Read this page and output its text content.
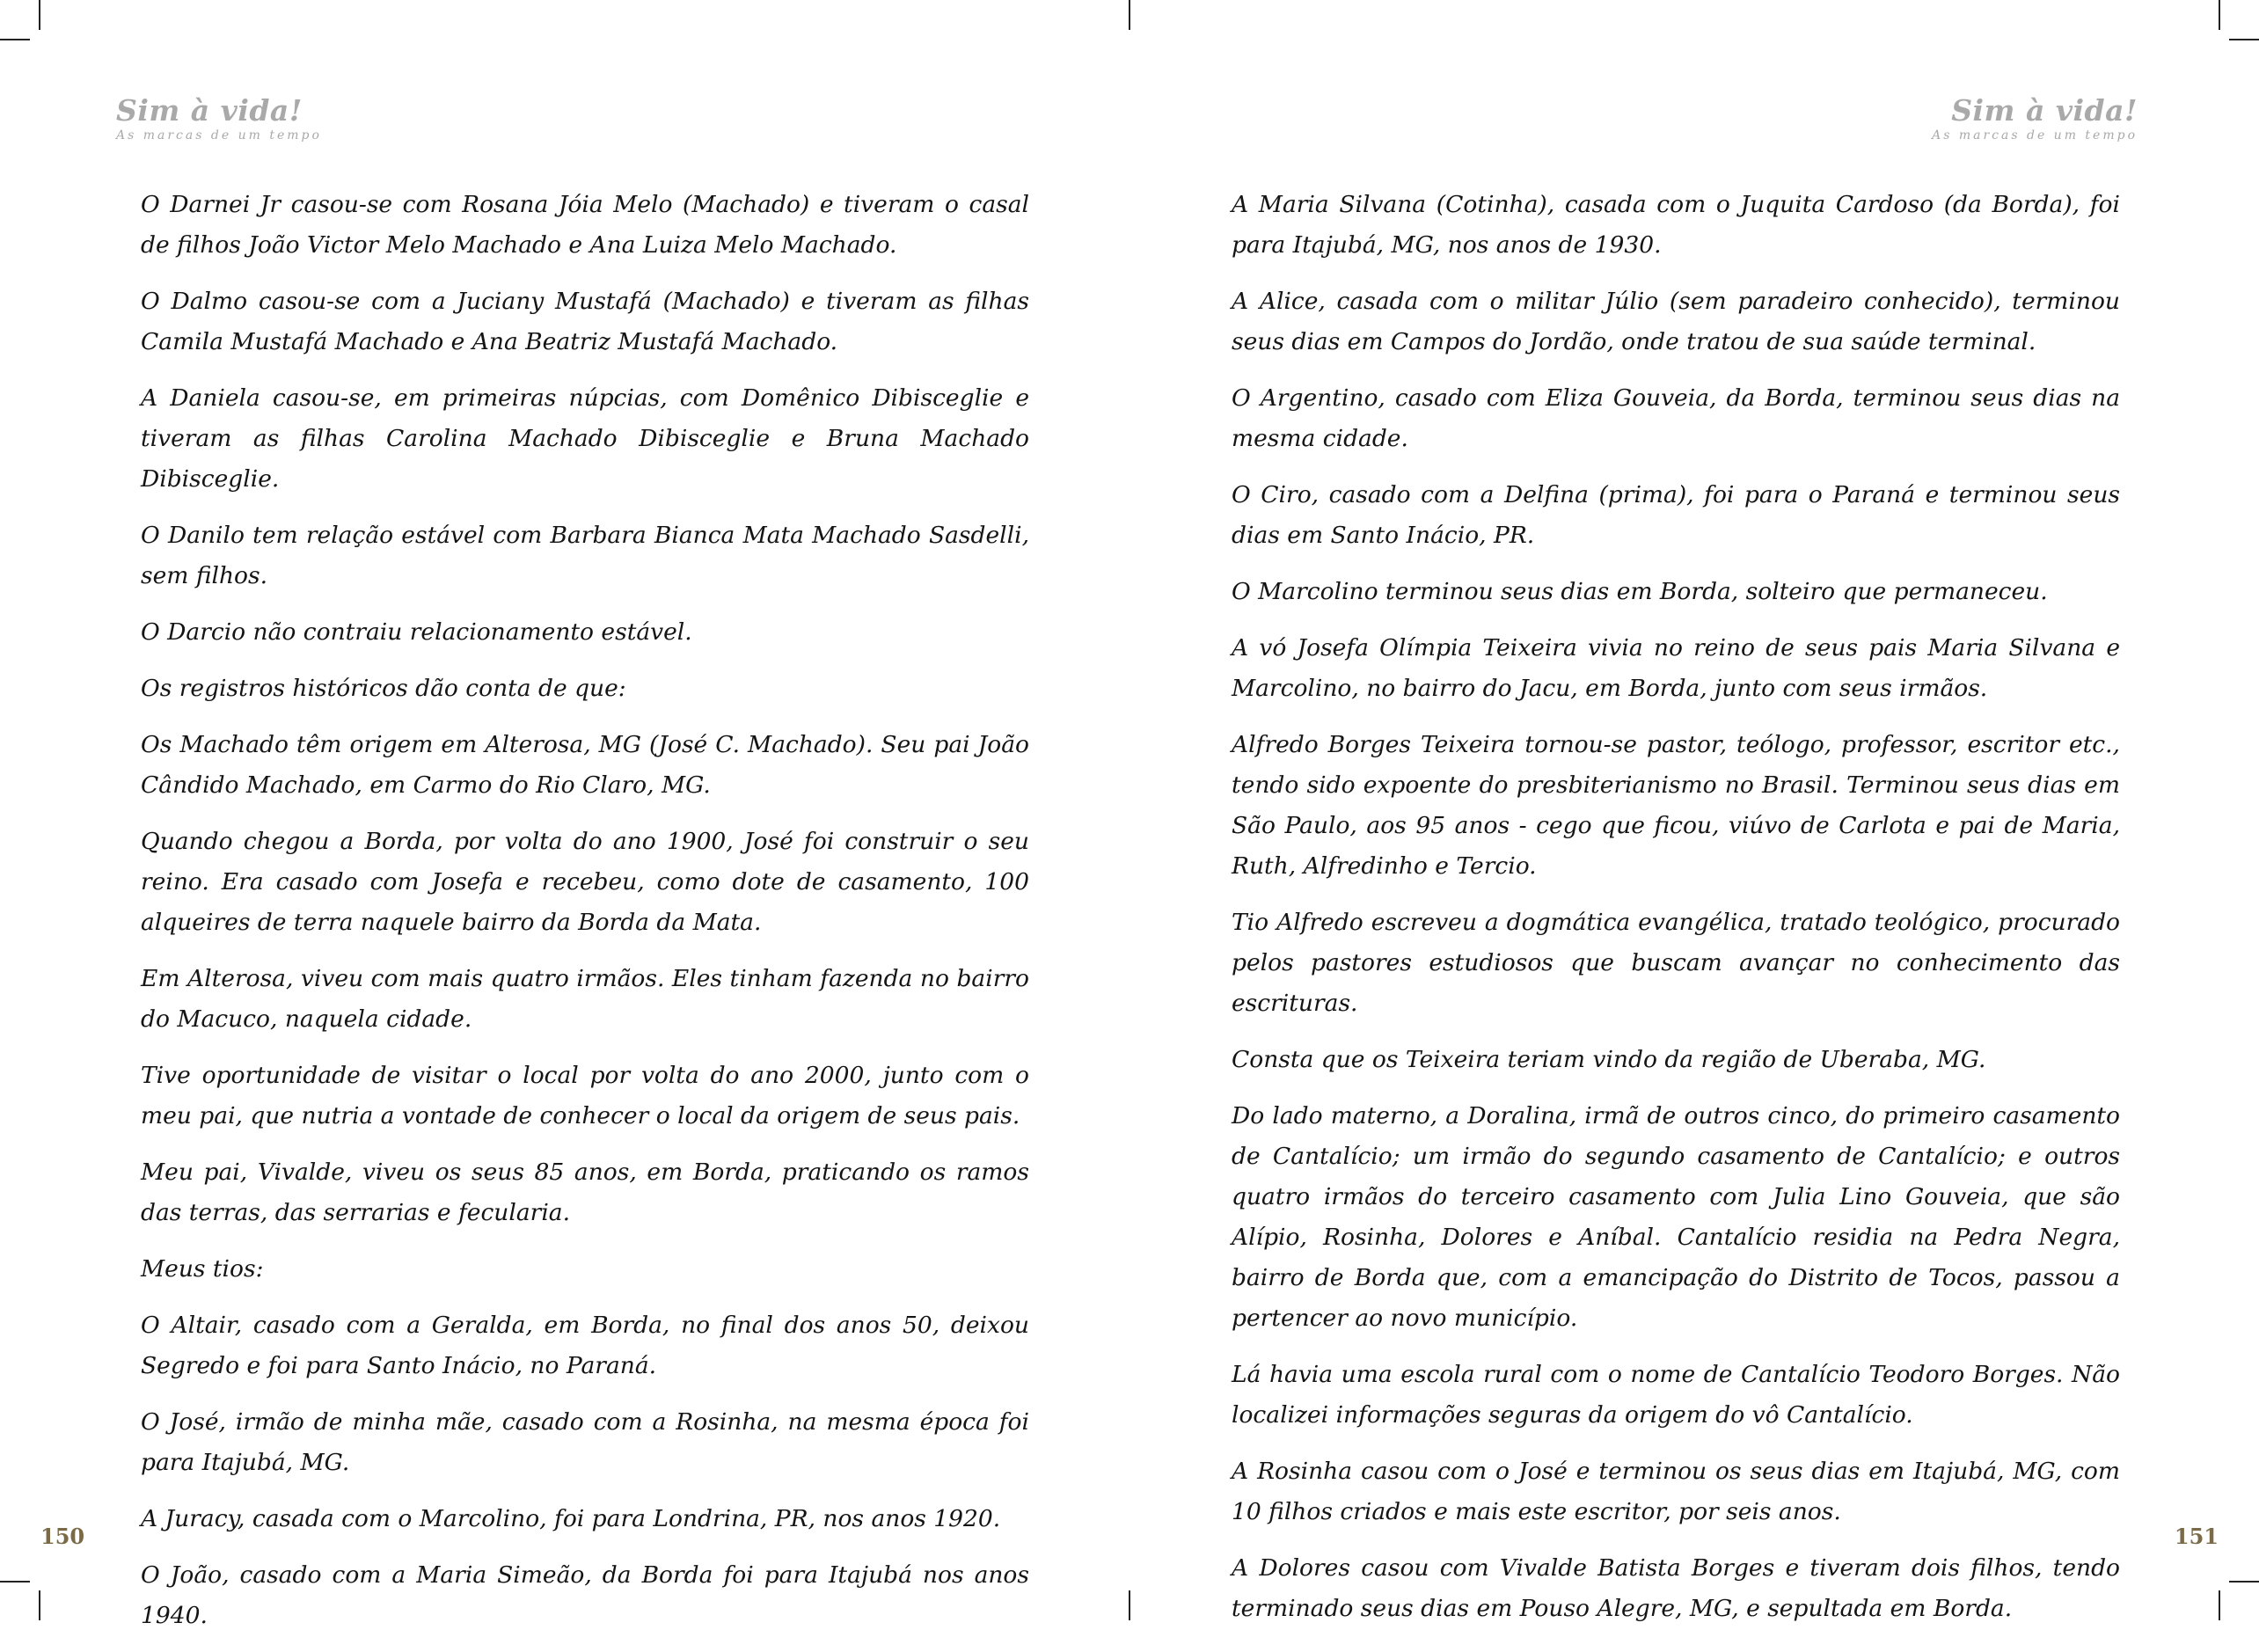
Sim à vida!
As marcas de um tempo

O Darnei Jr casou-se com Rosana Jóia Melo (Machado) e tiveram o casal de filhos João Victor Melo Machado e Ana Luiza Melo Machado.

O Dalmo casou-se com a Juciany Mustafá (Machado) e tiveram as filhas Camila Mustafá Machado e Ana Beatriz Mustafá Machado.

A Daniela casou-se, em primeiras núpcias, com Domênico Dibisceglie e tiveram as filhas Carolina Machado Dibisceglie e Bruna Machado Dibisceglie.

O Danilo tem relação estável com Barbara Bianca Mata Machado Sasdelli, sem filhos.

O Darcio não contraiu relacionamento estável.

Os registros históricos dão conta de que:

Os Machado têm origem em Alterosa, MG (José C. Machado). Seu pai João Cândido Machado, em Carmo do Rio Claro, MG.

Quando chegou a Borda, por volta do ano 1900, José foi construir o seu reino. Era casado com Josefa e recebeu, como dote de casamento, 100 alqueires de terra naquele bairro da Borda da Mata.

Em Alterosa, viveu com mais quatro irmãos. Eles tinham fazenda no bairro do Macuco, naquela cidade.

Tive oportunidade de visitar o local por volta do ano 2000, junto com o meu pai, que nutria a vontade de conhecer o local da origem de seus pais.

Meu pai, Vivalde, viveu os seus 85 anos, em Borda, praticando os ramos das terras, das serrarias e fecularia.

Meus tios:

O Altair, casado com a Geralda, em Borda, no final dos anos 50, deixou Segredo e foi para Santo Inácio, no Paraná.

O José, irmão de minha mãe, casado com a Rosinha, na mesma época foi para Itajubá, MG.

A Juracy, casada com o Marcolino, foi para Londrina, PR, nos anos 1920.

O João, casado com a Maria Simeão, da Borda foi para Itajubá nos anos 1940.

150
Sim à vida!
As marcas de um tempo

A Maria Silvana (Cotinha), casada com o Juquita Cardoso (da Borda), foi para Itajubá, MG, nos anos de 1930.

A Alice, casada com o militar Júlio (sem paradeiro conhecido), terminou seus dias em Campos do Jordão, onde tratou de sua saúde terminal.

O Argentino, casado com Eliza Gouveia, da Borda, terminou seus dias na mesma cidade.

O Ciro, casado com a Delfina (prima), foi para o Paraná e terminou seus dias em Santo Inácio, PR.

O Marcolino terminou seus dias em Borda, solteiro que permaneceu.

A vó Josefa Olímpia Teixeira vivia no reino de seus pais Maria Silvana e Marcolino, no bairro do Jacu, em Borda, junto com seus irmãos.

Alfredo Borges Teixeira tornou-se pastor, teólogo, professor, escritor etc., tendo sido expoente do presbiterianismo no Brasil. Terminou seus dias em São Paulo, aos 95 anos - cego que ficou, viúvo de Carlota e pai de Maria, Ruth, Alfredinho e Tercio.

Tio Alfredo escreveu a dogmática evangélica, tratado teológico, procurado pelos pastores estudiosos que buscam avançar no conhecimento das escrituras.

Consta que os Teixeira teriam vindo da região de Uberaba, MG.

Do lado materno, a Doralina, irmã de outros cinco, do primeiro casamento de Cantalício; um irmão do segundo casamento de Cantalício; e outros quatro irmãos do terceiro casamento com Julia Lino Gouveia, que são Alípio, Rosinha, Dolores e Aníbal. Cantalício residia na Pedra Negra, bairro de Borda que, com a emancipação do Distrito de Tocos, passou a pertencer ao novo município.

Lá havia uma escola rural com o nome de Cantalício Teodoro Borges. Não localizei informações seguras da origem do vô Cantalício.

A Rosinha casou com o José e terminou os seus dias em Itajubá, MG, com 10 filhos criados e mais este escritor, por seis anos.

A Dolores casou com Vivalde Batista Borges e tiveram dois filhos, tendo terminado seus dias em Pouso Alegre, MG, e sepultada em Borda.

151
